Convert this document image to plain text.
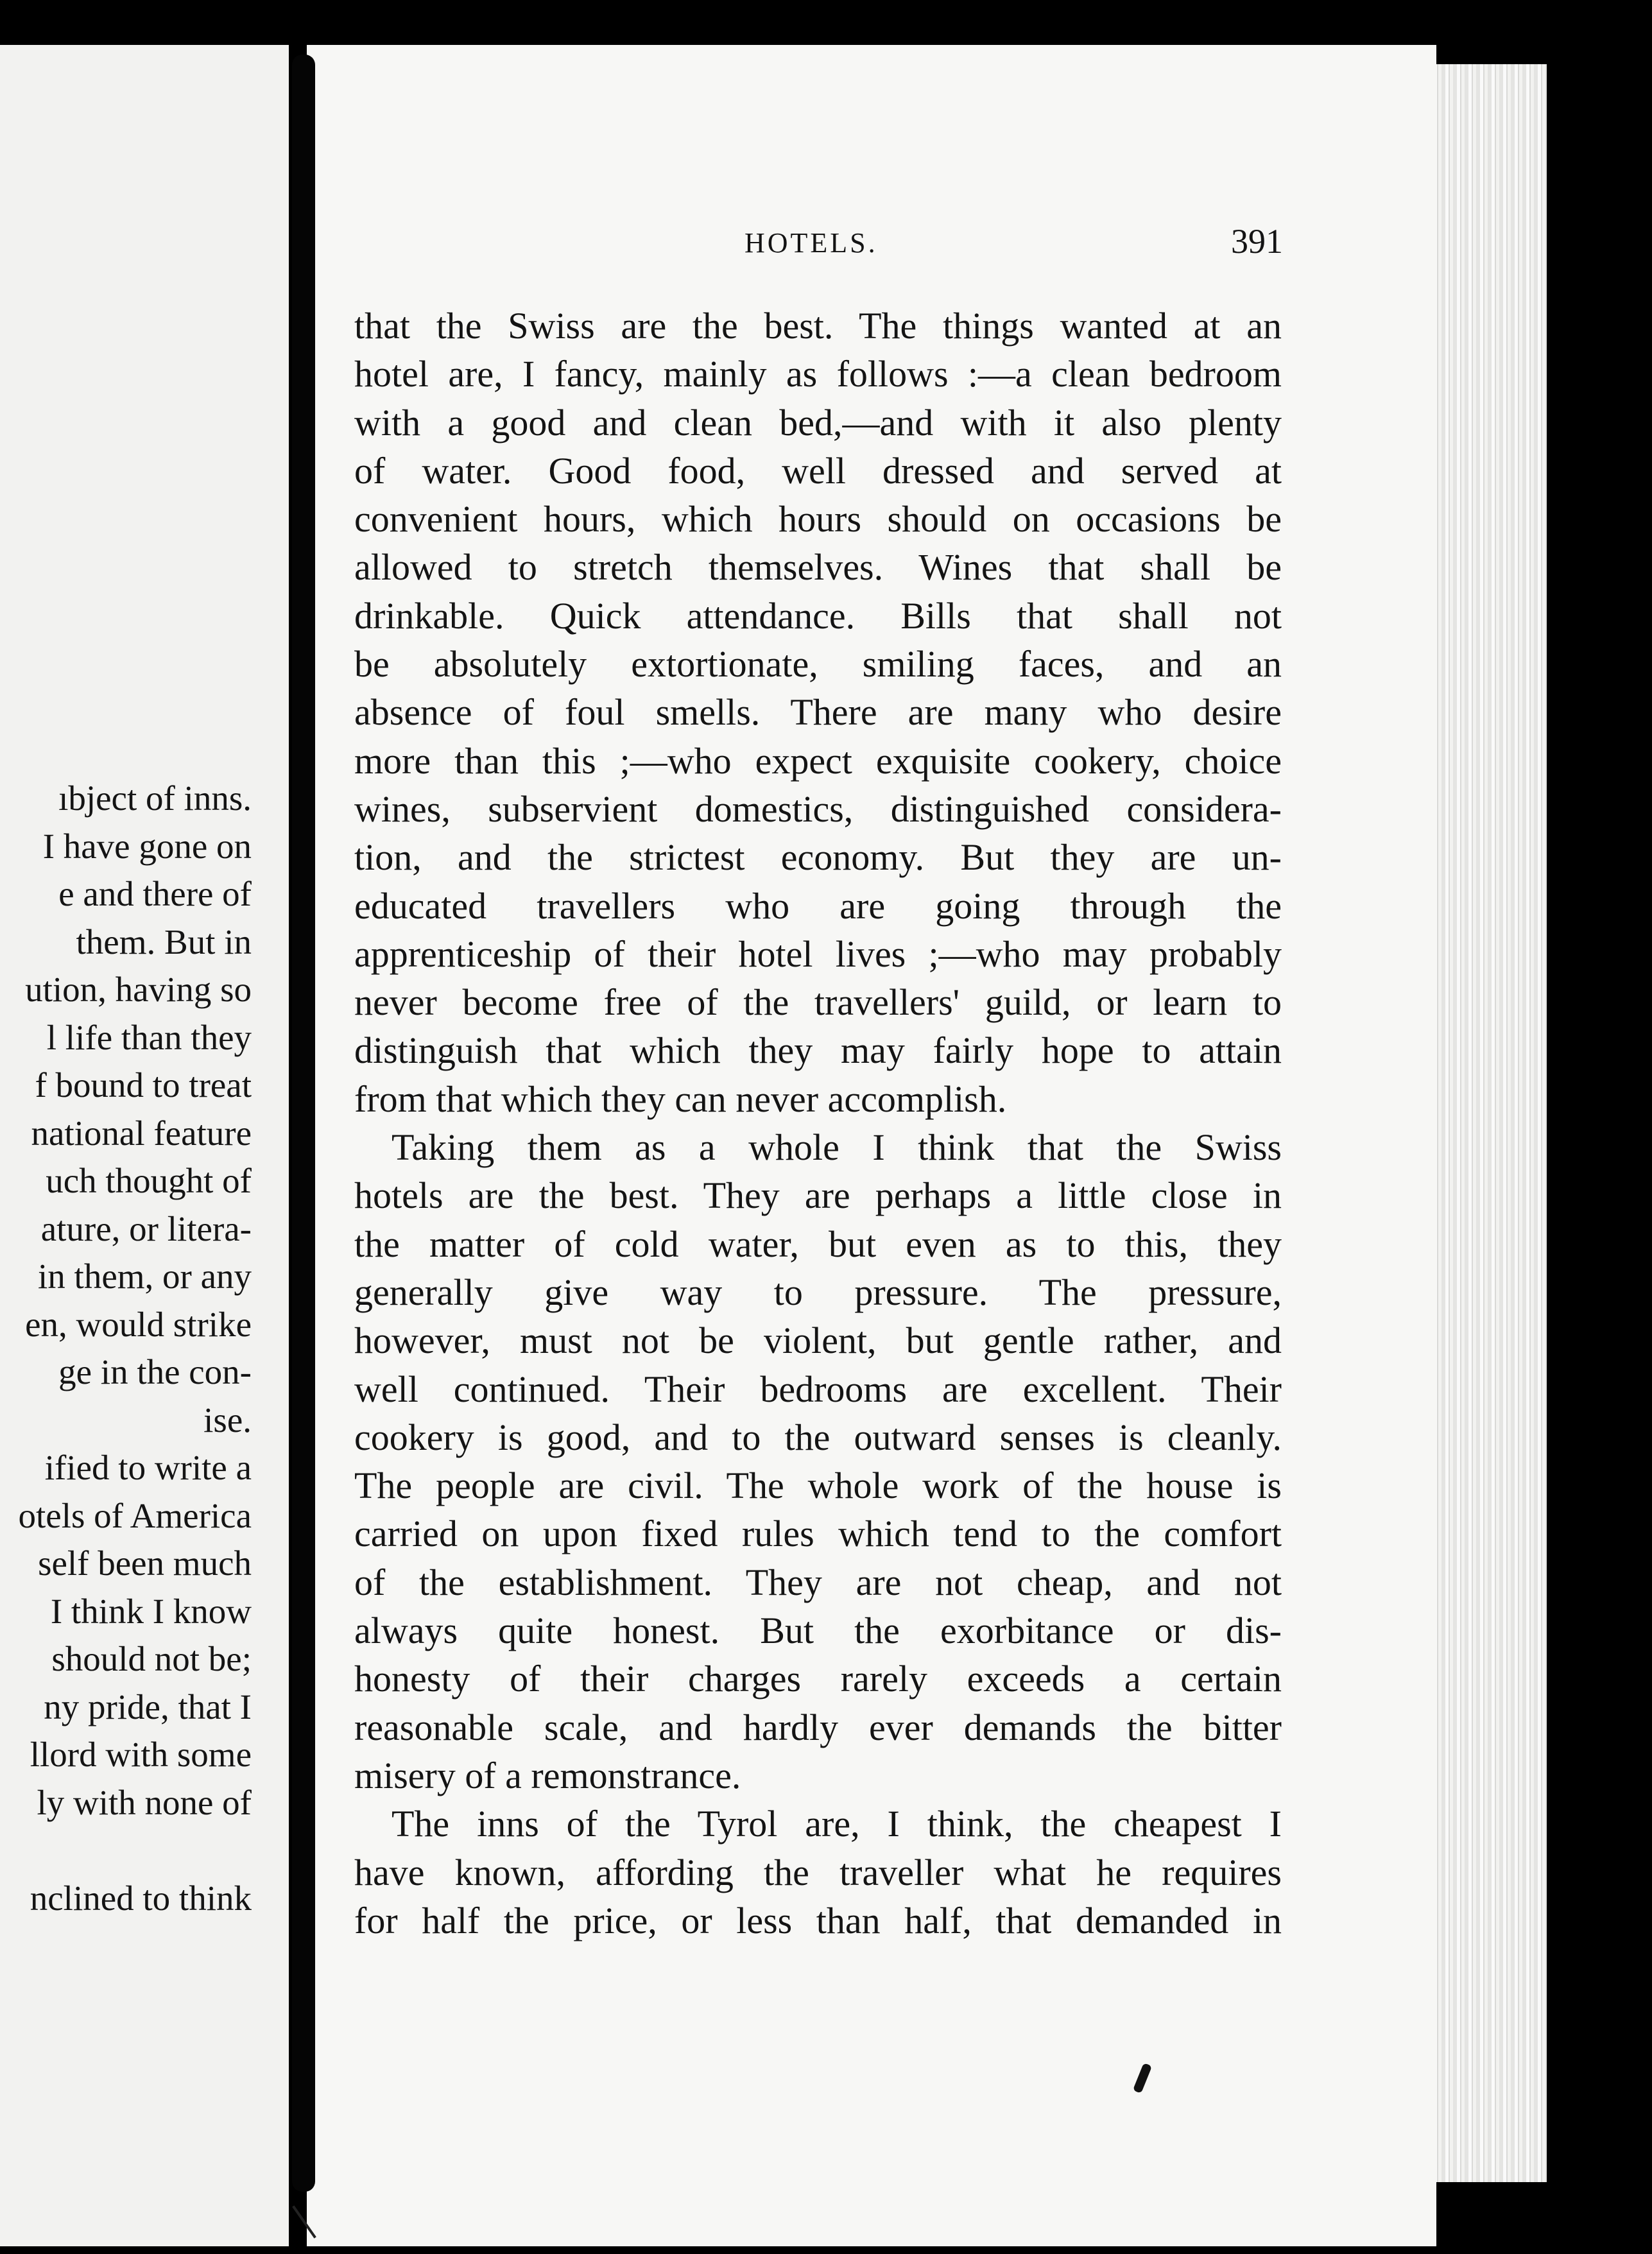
ıbject of inns.
I have gone on
e and there of
them. But in
ution, having so
l life than they
f bound to treat
national feature
uch thought of
ature, or litera-
in them, or any
en, would strike
ge in the con-
ise.
ified to write a
otels of America
self been much
I think I know
should not be;
ny pride, that I
llord with some
ly with none of
nclined to think
HOTELS.	391
that the Swiss are the best. The things wanted at an
hotel are, I fancy, mainly as follows :—a clean bedroom
with a good and clean bed,—and with it also plenty
of water. Good food, well dressed and served at
convenient hours, which hours should on occasions be
allowed to stretch themselves. Wines that shall be
drinkable. Quick attendance. Bills that shall not
be absolutely extortionate, smiling faces, and an
absence of foul smells. There are many who desire
more than this ;—who expect exquisite cookery, choice
wines, subservient domestics, distinguished considera-
tion, and the strictest economy. But they are un-
educated travellers who are going through the
apprenticeship of their hotel lives ;—who may probably
never become free of the travellers' guild, or learn to
distinguish that which they may fairly hope to attain
from that which they can never accomplish.
Taking them as a whole I think that the Swiss
hotels are the best. They are perhaps a little close in
the matter of cold water, but even as to this, they
generally give way to pressure. The pressure,
however, must not be violent, but gentle rather, and
well continued. Their bedrooms are excellent. Their
cookery is good, and to the outward senses is cleanly.
The people are civil. The whole work of the house is
carried on upon fixed rules which tend to the comfort
of the establishment. They are not cheap, and not
always quite honest. But the exorbitance or dis-
honesty of their charges rarely exceeds a certain
reasonable scale, and hardly ever demands the bitter
misery of a remonstrance.
The inns of the Tyrol are, I think, the cheapest I
have known, affording the traveller what he requires
for half the price, or less than half, that demanded in
